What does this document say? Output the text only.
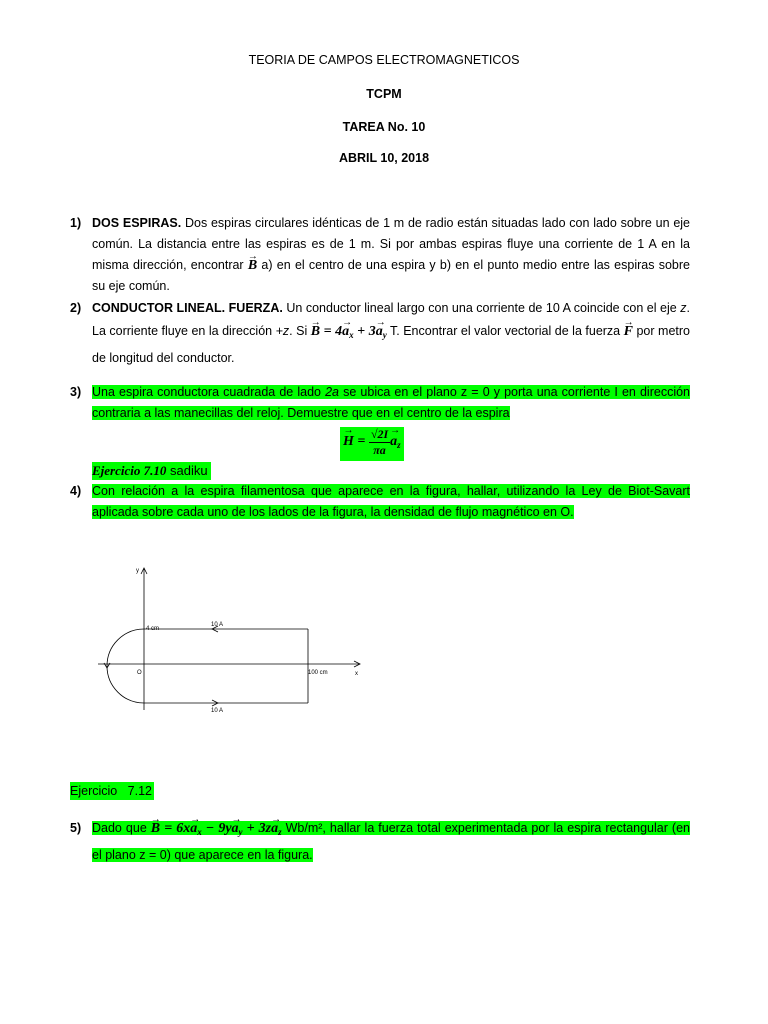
TEORIA DE CAMPOS ELECTROMAGNETICOS
TCPM
TAREA No. 10
ABRIL 10, 2018
1) DOS ESPIRAS. Dos espiras circulares idénticas de 1 m de radio están situadas lado con lado sobre un eje común. La distancia entre las espiras es de 1 m. Si por ambas espiras fluye una corriente de 1 A en la misma dirección, encontrar → B a) en el centro de una espira y b) en el punto medio entre las espiras sobre su eje común.
2) CONDUCTOR LINEAL. FUERZA. Un conductor lineal largo con una corriente de 10 A coincide con el eje z. La corriente fluye en la dirección +z. $Si \to B = 4\to a_x + 3\to a_y$ T. Encontrar el valor vectorial de la fuerza → F por metro de longitud del conductor.
3) Una espira conductora cuadrada de lado 2a se ubica en el plano z = 0 y porta una corriente I en dirección contraria a las manecillas del reloj. Demuestre que en el centro de la espira
→ $H = \frac{√2I}{\pi a}$
→ $a_z$
Ejercicio 7.10 sadiku
4) Con relación a la espira filamentosa que aparece en la figura, hallar, utilizando la Ley de Biot-Savart aplicada sobre cada uno de los lados de la figura, la densidad de flujo magnético en O.
y
x
10 A
10 A
4 cm
O	100 cm
Ejercicio   7.12
5) Dado que → $B = 6x\to a_x - 9y\to a_y + 3z\to a_z$ Wb/m², hallar la fuerza total experimentada por la espira rectangular (en el plano z = 0) que aparece en la figura.
